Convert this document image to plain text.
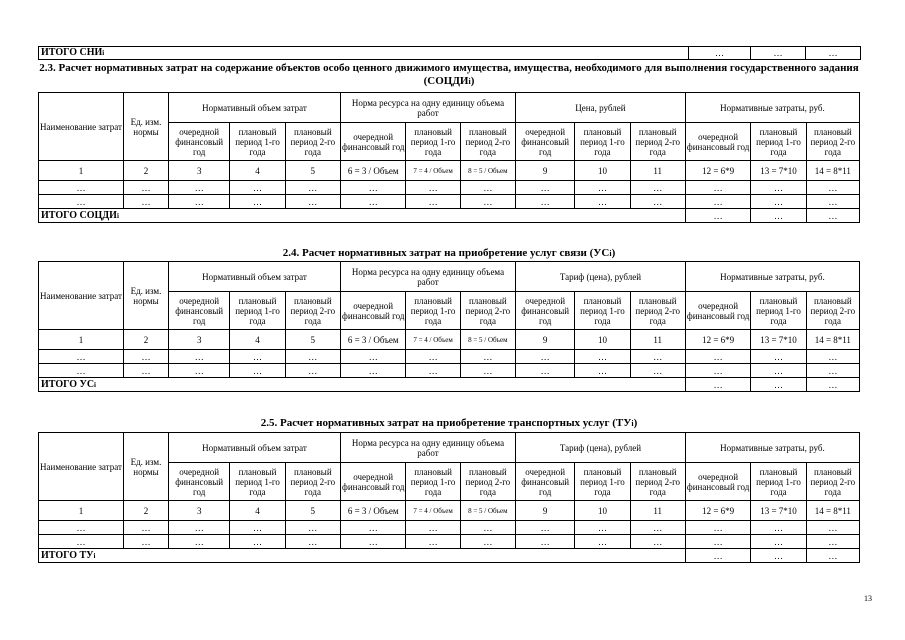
ИТОГО СНИi	…	…	…
2.3. Расчет нормативных затрат на содержание объектов особо ценного движимого имущества, имущества, необходимого для выполнения государственного задания (СОЦДИi)
Наименование затрат	Ед. изм. нормы	Нормативный объем затрат			Норма ресурса на одну единицу объема работ			Цена, рублей			Нормативные затраты, руб.		
		очередной финансовый год	плановый период 1-го года	плановый период 2-го года	очередной финансовый год	плановый период 1-го года	плановый период 2-го года	очередной финансовый год	плановый период 1-го года	плановый период 2-го года	очередной финансовый год	плановый период 1-го года	плановый период 2-го года
1	2	3	4	5	6 = 3 / Объем	7 = 4 / Объем	8 = 5 / Объем	9	10	11	12 = 6*9	13 = 7*10	14 = 8*11
…	…	…	…	…	…	…	…	…	…	…	…	…	…
…	…	…	…	…	…	…	…	…	…	…	…	…	…
ИТОГО СОЦДИi											…	…	…
2.4. Расчет нормативных затрат на приобретение услуг связи (УСi)
Наименование затрат	Ед. изм. нормы	Нормативный объем затрат			Норма ресурса на одну единицу объема работ			Тариф (цена), рублей			Нормативные затраты, руб.		
		очередной финансовый год	плановый период 1-го года	плановый период 2-го года	очередной финансовый год	плановый период 1-го года	плановый период 2-го года	очередной финансовый год	плановый период 1-го года	плановый период 2-го года	очередной финансовый год	плановый период 1-го года	плановый период 2-го года
1	2	3	4	5	6 = 3 / Объем	7 = 4 / Объем	8 = 5 / Объем	9	10	11	12 = 6*9	13 = 7*10	14 = 8*11
…	…	…	…	…	…	…	…	…	…	…	…	…	…
…	…	…	…	…	…	…	…	…	…	…	…	…	…
ИТОГО УСi											…	…	…
2.5. Расчет нормативных затрат на приобретение транспортных услуг (ТУi)
Наименование затрат	Ед. изм. нормы	Нормативный объем затрат			Норма ресурса на одну единицу объема работ			Тариф (цена), рублей			Нормативные затраты, руб.		
		очередной финансовый год	плановый период 1-го года	плановый период 2-го года	очередной финансовый год	плановый период 1-го года	плановый период 2-го года	очередной финансовый год	плановый период 1-го года	плановый период 2-го года	очередной финансовый год	плановый период 1-го года	плановый период 2-го года
1	2	3	4	5	6 = 3 / Объем	7 = 4 / Объем	8 = 5 / Объем	9	10	11	12 = 6*9	13 = 7*10	14 = 8*11
…	…	…	…	…	…	…	…	…	…	…	…	…	…
…	…	…	…	…	…	…	…	…	…	…	…	…	…
ИТОГО ТУi											…	…	…
13
